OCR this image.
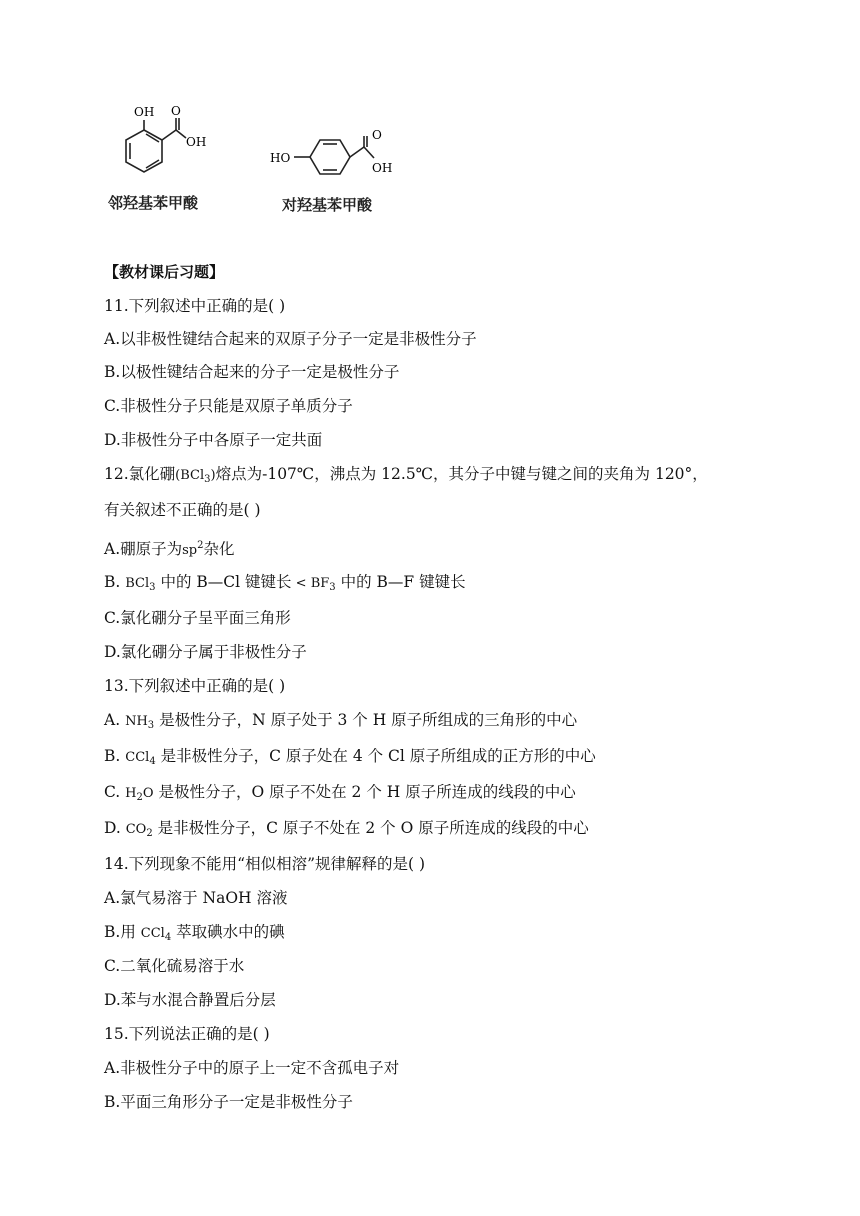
OH O
OH
邻羟基苯甲酸
HO
O
OH
对羟基苯甲酸
【教材课后习题】
11.下列叙述中正确的是( )
A.以非极性键结合起来的双原子分子一定是非极性分子
B.以极性键结合起来的分子一定是极性分子
C.非极性分子只能是双原子单质分子
D.非极性分子中各原子一定共面
12.氯化硼(BCl$_3$)熔点为-107℃，沸点为 12.5℃，其分子中键与键之间的夹角为 120°，
有关叙述不正确的是( )
A.硼原子为$sp^2$杂化
B. BCl$_3$ 中的 B—Cl 键键长 < $BF_3$ 中的 B—F 键键长
C.氯化硼分子呈平面三角形
D.氯化硼分子属于非极性分子
13.下列叙述中正确的是( )
A. $NH_3$ 是极性分子，N 原子处于 3 个 H 原子所组成的三角形的中心
B. CCl$_4$ 是非极性分子，C 原子处在 4 个 Cl 原子所组成的正方形的中心
C. $H_2O$ 是极性分子，O 原子不处在 2 个 H 原子所连成的线段的中心
D. $CO_2$ 是非极性分子，C 原子不处在 2 个 O 原子所连成的线段的中心
14.下列现象不能用“相似相溶”规律解释的是( )
A.氯气易溶于 NaOH 溶液
B.用 CCl$_4$ 萃取碘水中的碘
C.二氧化硫易溶于水
D.苯与水混合静置后分层
15.下列说法正确的是( )
A.非极性分子中的原子上一定不含孤电子对
B.平面三角形分子一定是非极性分子
